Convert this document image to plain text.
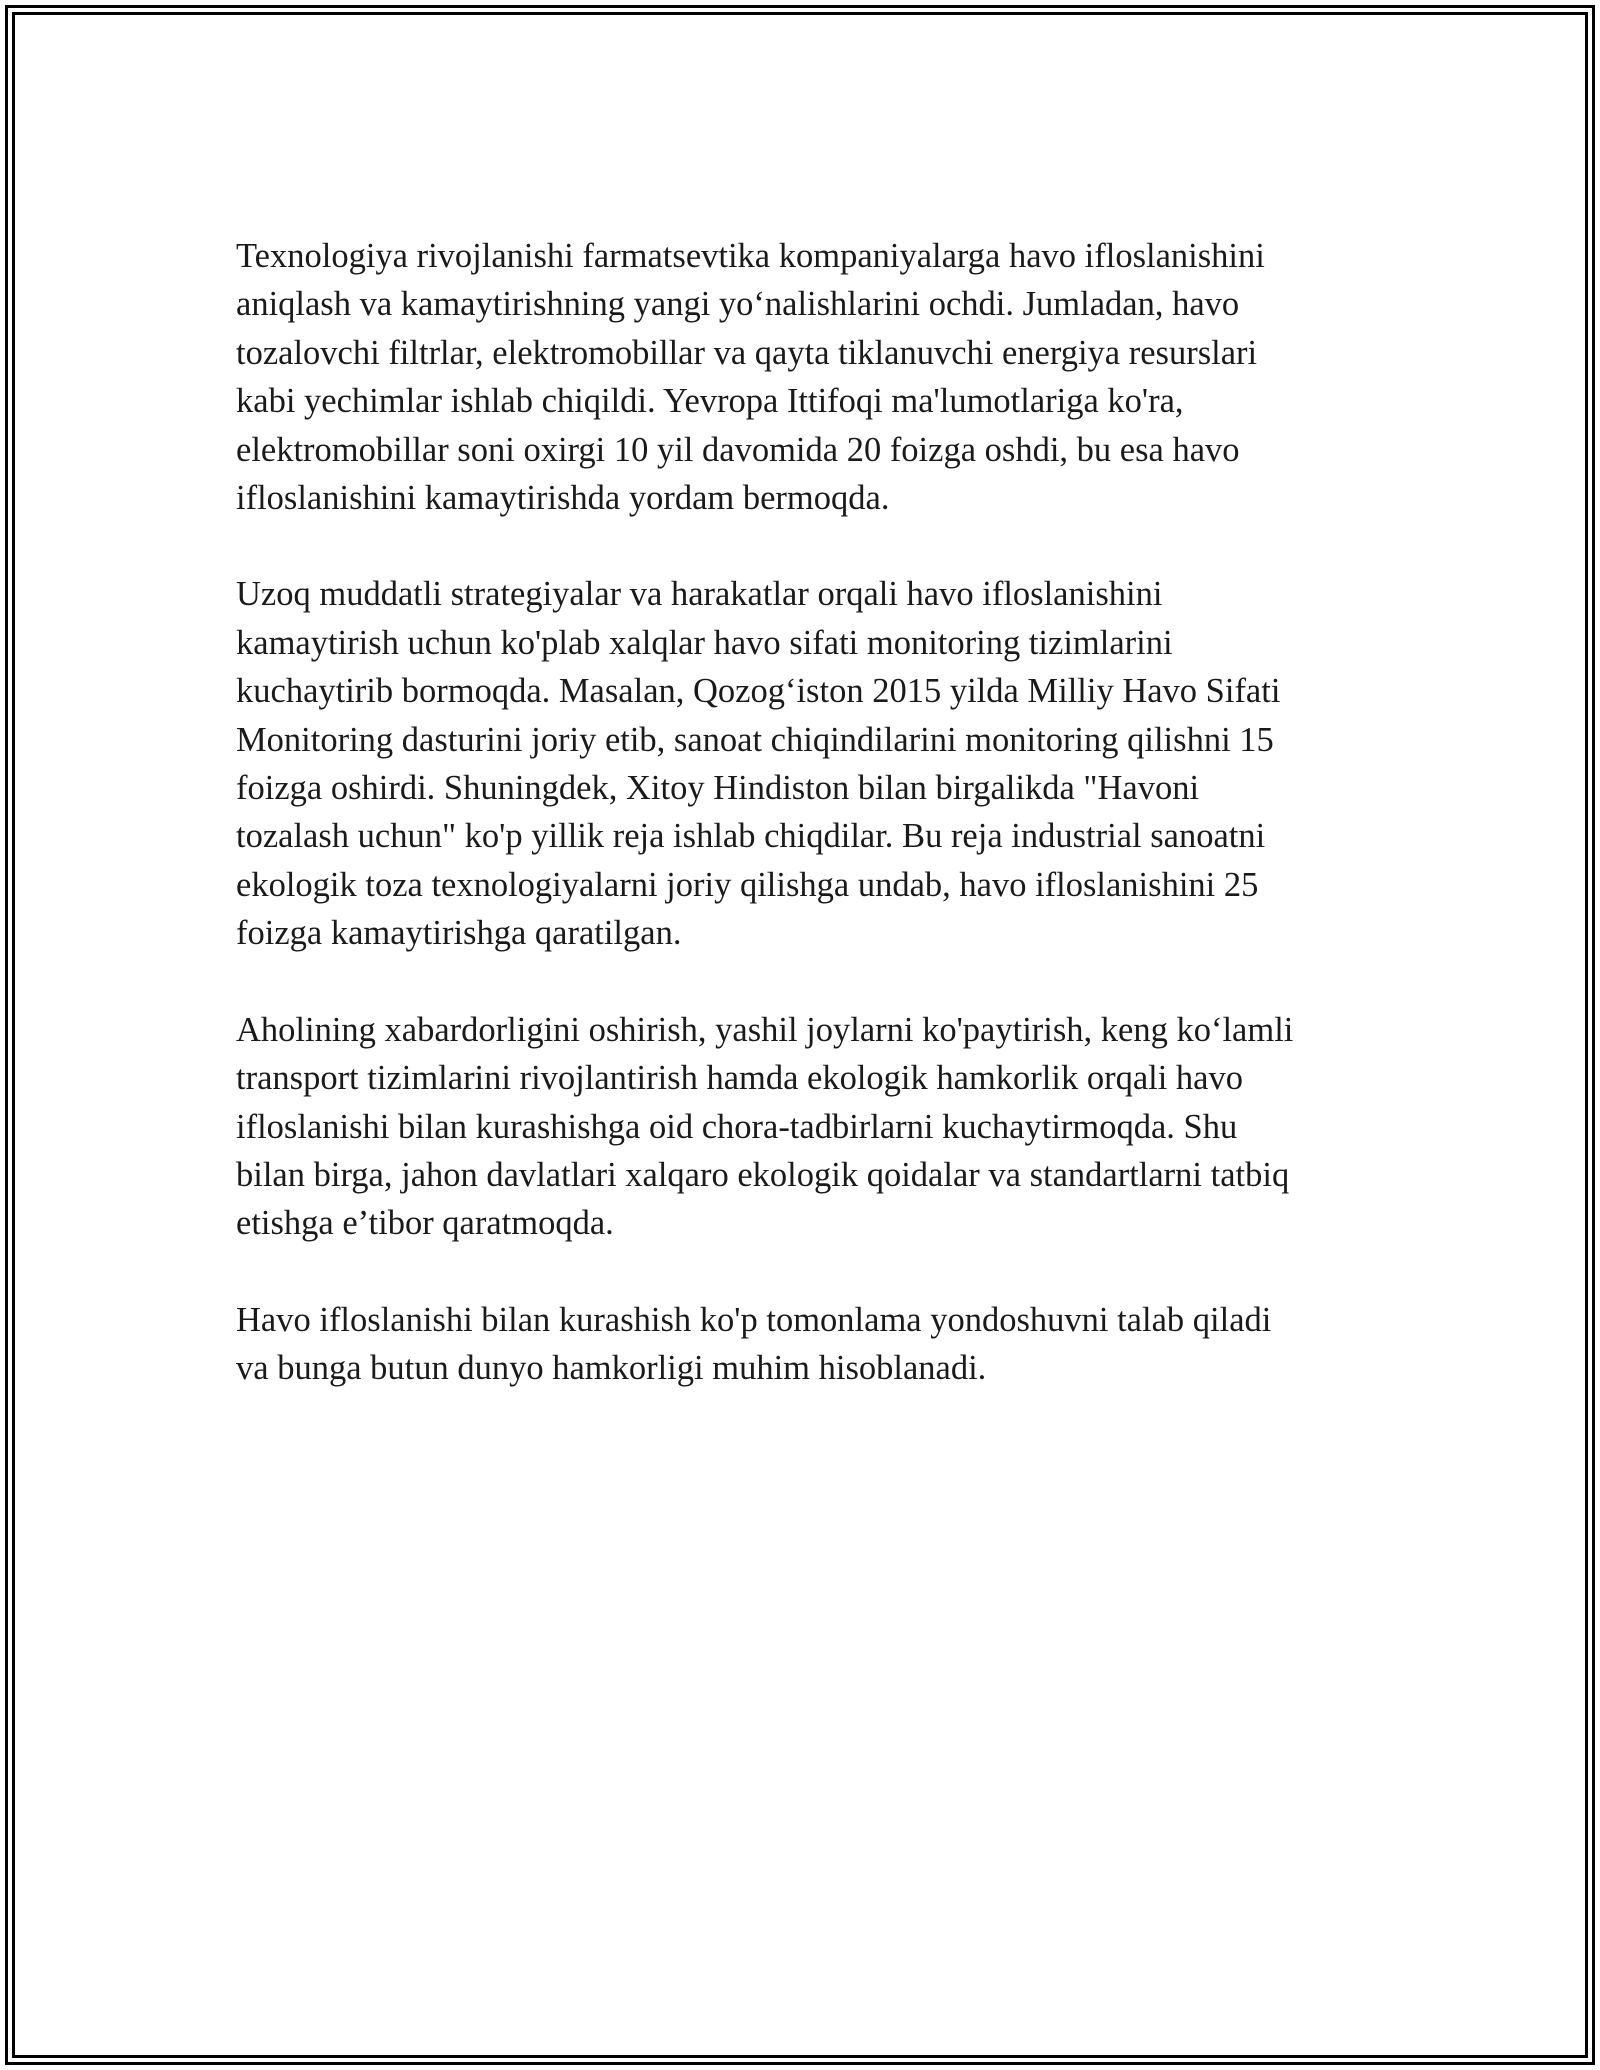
Texnologiya rivojlanishi farmatsevtika kompaniyalarga havo ifloslanishini
aniqlash va kamaytirishning yangi yo‘nalishlarini ochdi. Jumladan, havo
tozalovchi filtrlar, elektromobillar va qayta tiklanuvchi energiya resurslari
kabi yechimlar ishlab chiqildi. Yevropa Ittifoqi ma'lumotlariga ko'ra,
elektromobillar soni oxirgi 10 yil davomida 20 foizga oshdi, bu esa havo
ifloslanishini kamaytirishda yordam bermoqda.

Uzoq muddatli strategiyalar va harakatlar orqali havo ifloslanishini
kamaytirish uchun ko'plab xalqlar havo sifati monitoring tizimlarini
kuchaytirib bormoqda. Masalan, Qozog‘iston 2015 yilda Milliy Havo Sifati
Monitoring dasturini joriy etib, sanoat chiqindilarini monitoring qilishni 15
foizga oshirdi. Shuningdek, Xitoy Hindiston bilan birgalikda "Havoni
tozalash uchun" ko'p yillik reja ishlab chiqdilar. Bu reja industrial sanoatni
ekologik toza texnologiyalarni joriy qilishga undab, havo ifloslanishini 25
foizga kamaytirishga qaratilgan.

Aholining xabardorligini oshirish, yashil joylarni ko'paytirish, keng ko‘lamli
transport tizimlarini rivojlantirish hamda ekologik hamkorlik orqali havo
ifloslanishi bilan kurashishga oid chora-tadbirlarni kuchaytirmoqda. Shu
bilan birga, jahon davlatlari xalqaro ekologik qoidalar va standartlarni tatbiq
etishga e’tibor qaratmoqda.

Havo ifloslanishi bilan kurashish ko'p tomonlama yondoshuvni talab qiladi
va bunga butun dunyo hamkorligi muhim hisoblanadi.
